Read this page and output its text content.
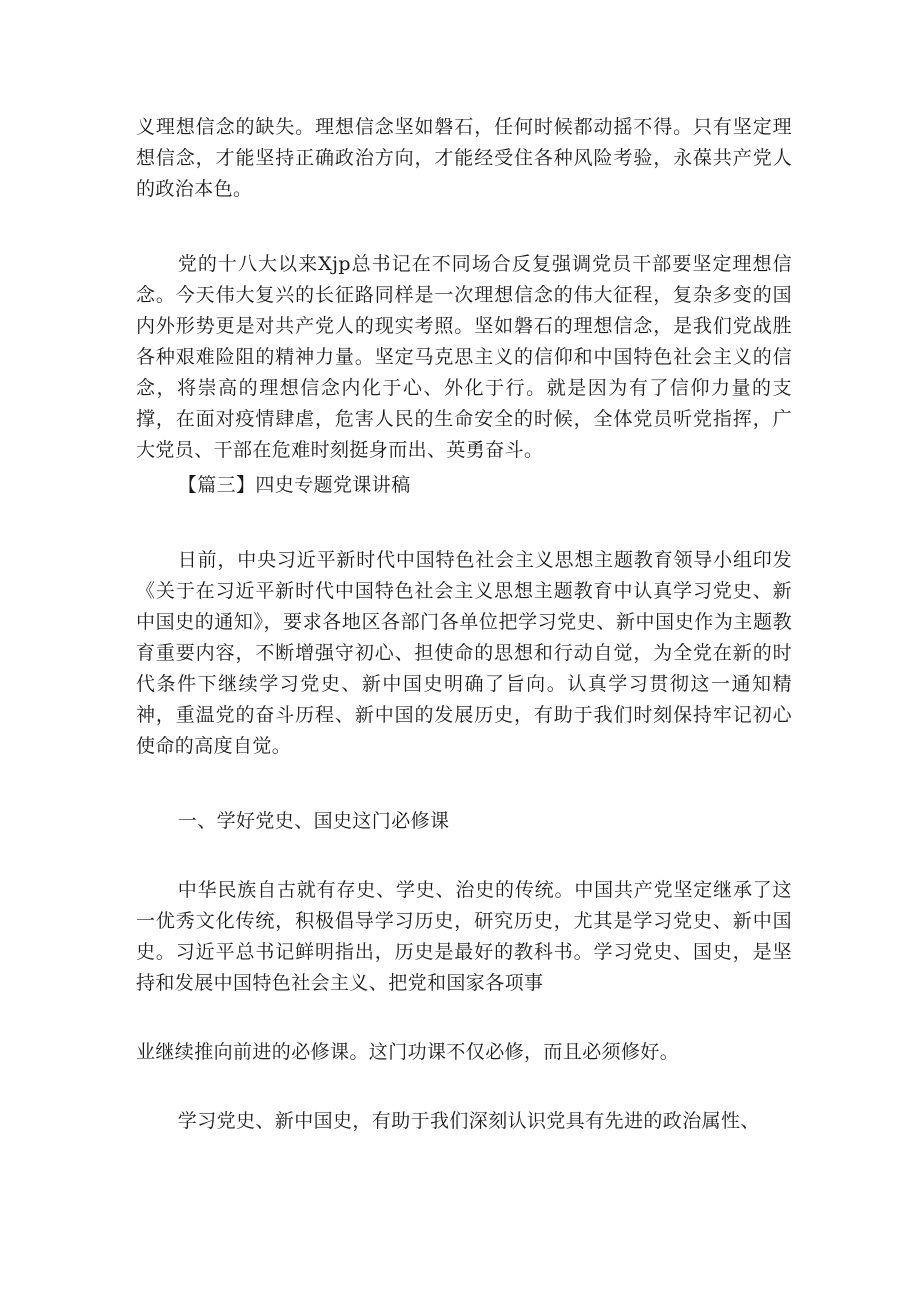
义理想信念的缺失。理想信念坚如磐石，任何时候都动摇不得。只有坚定理想信念，才能坚持正确政治方向，才能经受住各种风险考验，永葆共产党人的政治本色。

党的十八大以来Xjp总书记在不同场合反复强调党员干部要坚定理想信念。今天伟大复兴的长征路同样是一次理想信念的伟大征程，复杂多变的国内外形势更是对共产党人的现实考照。坚如磐石的理想信念，是我们党战胜各种艰难险阻的精神力量。坚定马克思主义的信仰和中国特色社会主义的信念，将崇高的理想信念内化于心、外化于行。就是因为有了信仰力量的支撑，在面对疫情肆虐，危害人民的生命安全的时候，全体党员听党指挥，广大党员、干部在危难时刻挺身而出、英勇奋斗。

【篇三】四史专题党课讲稿

日前，中央习近平新时代中国特色社会主义思想主题教育领导小组印发《关于在习近平新时代中国特色社会主义思想主题教育中认真学习党史、新中国史的通知》，要求各地区各部门各单位把学习党史、新中国史作为主题教育重要内容，不断增强守初心、担使命的思想和行动自觉，为全党在新的时代条件下继续学习党史、新中国史明确了旨向。认真学习贯彻这一通知精神，重温党的奋斗历程、新中国的发展历史，有助于我们时刻保持牢记初心使命的高度自觉。

一、学好党史、国史这门必修课

中华民族自古就有存史、学史、治史的传统。中国共产党坚定继承了这一优秀文化传统，积极倡导学习历史，研究历史，尤其是学习党史、新中国史。习近平总书记鲜明指出，历史是最好的教科书。学习党史、国史，是坚持和发展中国特色社会主义、把党和国家各项事

业继续推向前进的必修课。这门功课不仅必修，而且必须修好。

学习党史、新中国史，有助于我们深刻认识党具有先进的政治属性、
